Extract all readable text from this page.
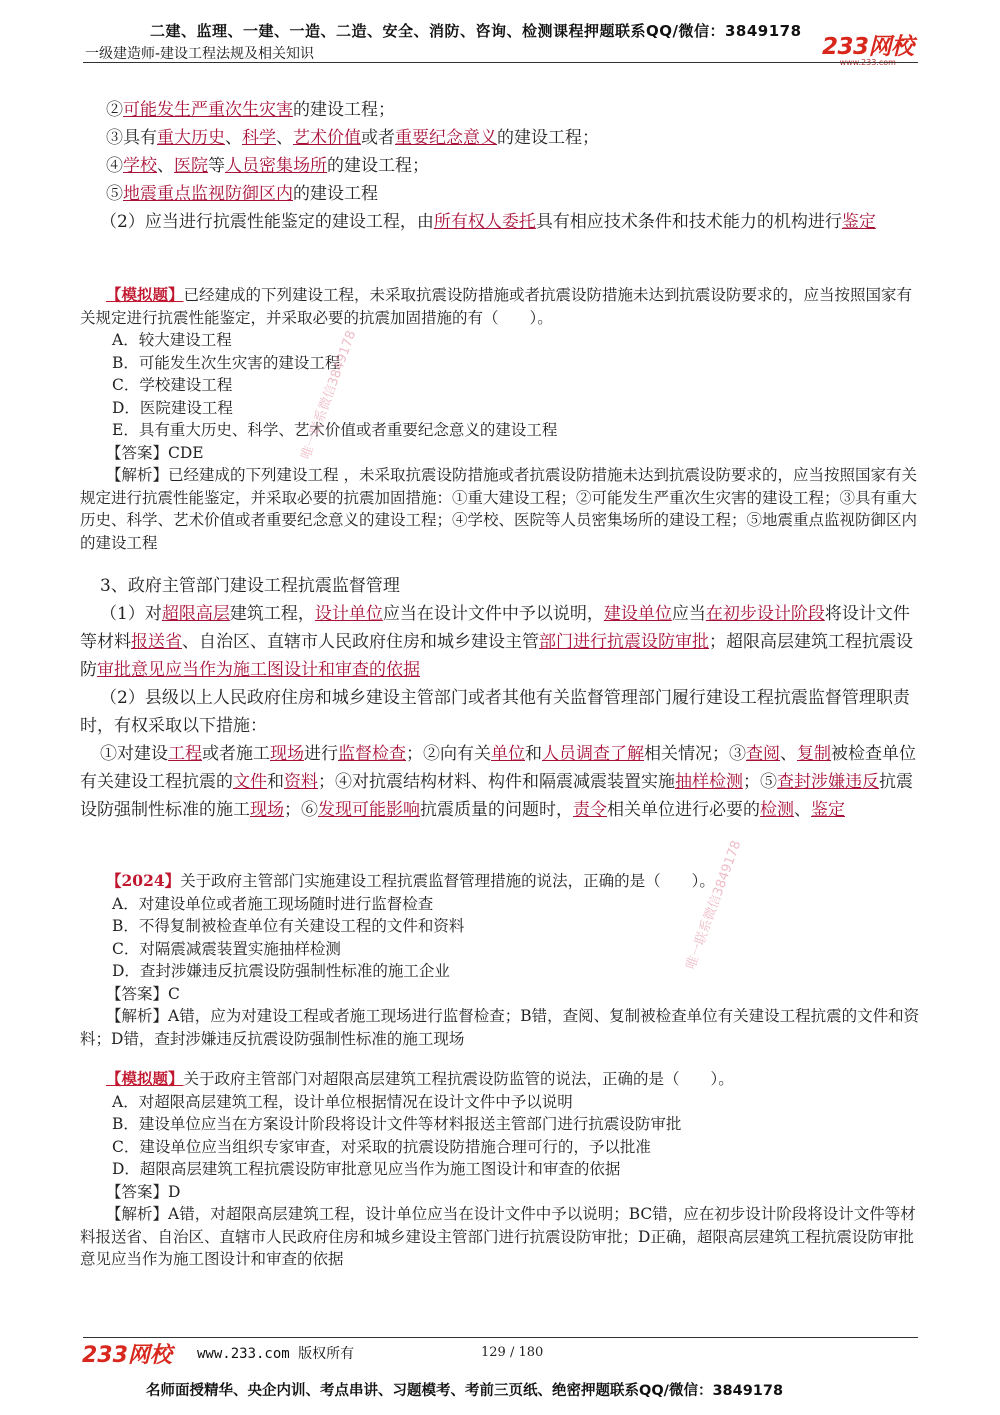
二建、监理、一建、一造、二造、安全、消防、咨询、检测课程押题联系QQ/微信：3849178
一级建造师-建设工程法规及相关知识	233网校
www.233.com
②可能发生严重次生灾害的建设工程；
③具有重大历史、科学、艺术价值或者重要纪念意义的建设工程；
④学校、医院等人员密集场所的建设工程；
⑤地震重点监视防御区内的建设工程
（2）应当进行抗震性能鉴定的建设工程，由所有权人委托具有相应技术条件和技术能力的机构进行鉴定

【模拟题】已经建成的下列建设工程，未采取抗震设防措施或者抗震设防措施未达到抗震设防要求的，应当按照国家有关规定进行抗震性能鉴定，并采取必要的抗震加固措施的有（　　）。

A．较大建设工程

B．可能发生次生灾害的建设工程

C．学校建设工程

D．医院建设工程

E．具有重大历史、科学、艺术价值或者重要纪念意义的建设工程

【答案】CDE

【解析】已经建成的下列建设工程 ，未采取抗震设防措施或者抗震设防措施未达到抗震设防要求的，应当按照国家有关规定进行抗震性能鉴定，并采取必要的抗震加固措施：①重大建设工程；②可能发生严重次生灾害的建设工程；③具有重大历史、科学、艺术价值或者重要纪念意义的建设工程；④学校、医院等人员密集场所的建设工程；⑤地震重点监视防御区内的建设工程

3、政府主管部门建设工程抗震监督管理
（1）对超限高层建筑工程，设计单位应当在设计文件中予以说明，建设单位应当在初步设计阶段将设计文件等材料报送省、自治区、直辖市人民政府住房和城乡建设主管部门进行抗震设防审批；超限高层建筑工程抗震设防审批意见应当作为施工图设计和审查的依据
（2）县级以上人民政府住房和城乡建设主管部门或者其他有关监督管理部门履行建设工程抗震监督管理职责时，有权采取以下措施：
①对建设工程或者施工现场进行监督检查；②向有关单位和人员调查了解相关情况；③查阅、复制被检查单位有关建设工程抗震的文件和资料；④对抗震结构材料、构件和隔震减震装置实施抽样检测；⑤查封涉嫌违反抗震设防强制性标准的施工现场；⑥发现可能影响抗震质量的问题时，责令相关单位进行必要的检测、鉴定

【2024】关于政府主管部门实施建设工程抗震监督管理措施的说法，正确的是（　　）。

A．对建设单位或者施工现场随时进行监督检查

B．不得复制被检查单位有关建设工程的文件和资料

C．对隔震减震装置实施抽样检测

D．查封涉嫌违反抗震设防强制性标准的施工企业

【答案】C

【解析】A错，应为对建设工程或者施工现场进行监督检查；B错，查阅、复制被检查单位有关建设工程抗震的文件和资料；D错，查封涉嫌违反抗震设防强制性标准的施工现场

【模拟题】关于政府主管部门对超限高层建筑工程抗震设防监管的说法，正确的是（　　）。

A．对超限高层建筑工程，设计单位根据情况在设计文件中予以说明

B．建设单位应当在方案设计阶段将设计文件等材料报送主管部门进行抗震设防审批

C．建设单位应当组织专家审查，对采取的抗震设防措施合理可行的，予以批准

D．超限高层建筑工程抗震设防审批意见应当作为施工图设计和审查的依据

【答案】D

【解析】A错，对超限高层建筑工程，设计单位应当在设计文件中予以说明；BC错，应在初步设计阶段将设计文件等材料报送省、自治区、直辖市人民政府住房和城乡建设主管部门进行抗震设防审批；D正确，超限高层建筑工程抗震设防审批意见应当作为施工图设计和审查的依据

唯一联系微信3849178
唯一联系微信3849178
233网校 www.233.com 版权所有	129 / 180
名师面授精华、央企内训、考点串讲、习题模考、考前三页纸、绝密押题联系QQ/微信：3849178
